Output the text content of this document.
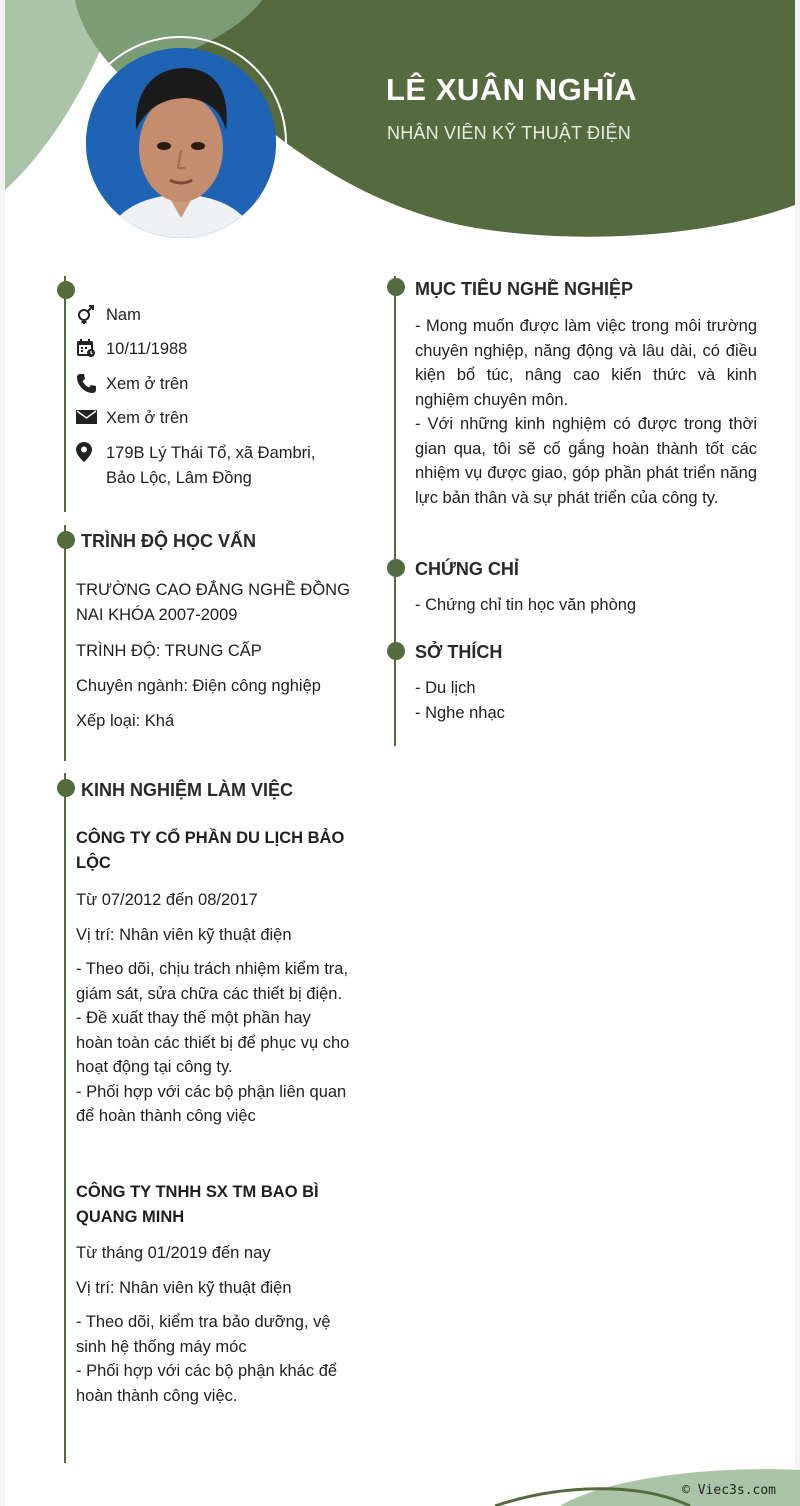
LÊ XUÂN NGHĨA
NHÂN VIÊN KỸ THUẬT ĐIỆN
Nam
10/11/1988
Xem ở trên
Xem ở trên
179B Lý Thái Tổ, xã Đambri, Bảo Lộc, Lâm Đồng
TRÌNH ĐỘ HỌC VẤN
TRƯỜNG CAO ĐẲNG NGHỀ ĐỒNG NAI KHÓA 2007-2009
TRÌNH ĐỘ: TRUNG CẤP
Chuyên ngành: Điện công nghiệp
Xếp loại: Khá
KINH NGHIỆM LÀM VIỆC
CÔNG TY CỔ PHẦN DU LỊCH BẢO LỘC
Từ 07/2012 đến 08/2017
Vị trí: Nhân viên kỹ thuật điện
- Theo dõi, chịu trách nhiệm kiểm tra, giám sát, sửa chữa các thiết bị điện.
- Đề xuất thay thế một phần hay hoàn toàn các thiết bị để phục vụ cho hoạt động tại công ty.
- Phối hợp với các bộ phận liên quan để hoàn thành công việc
CÔNG TY TNHH SX TM BAO BÌ QUANG MINH
Từ tháng 01/2019 đến nay
Vị trí: Nhân viên kỹ thuật điện
- Theo dõi, kiểm tra bảo dưỡng, vệ sinh hệ thống máy móc
- Phối hợp với các bộ phận khác để hoàn thành công việc.
MỤC TIÊU NGHỀ NGHIỆP
- Mong muốn được làm việc trong môi trường chuyên nghiệp, năng động và lâu dài, có điều kiện bổ túc, nâng cao kiến thức và kinh nghiệm chuyên môn.
- Với những kinh nghiệm có được trong thời gian qua, tôi sẽ cố gắng hoàn thành tốt các nhiệm vụ được giao, góp phần phát triển năng lực bản thân và sự phát triển của công ty.
CHỨNG CHỈ
- Chứng chỉ tin học văn phòng
SỞ THÍCH
- Du lịch
- Nghe nhạc
© Viec3s.com
